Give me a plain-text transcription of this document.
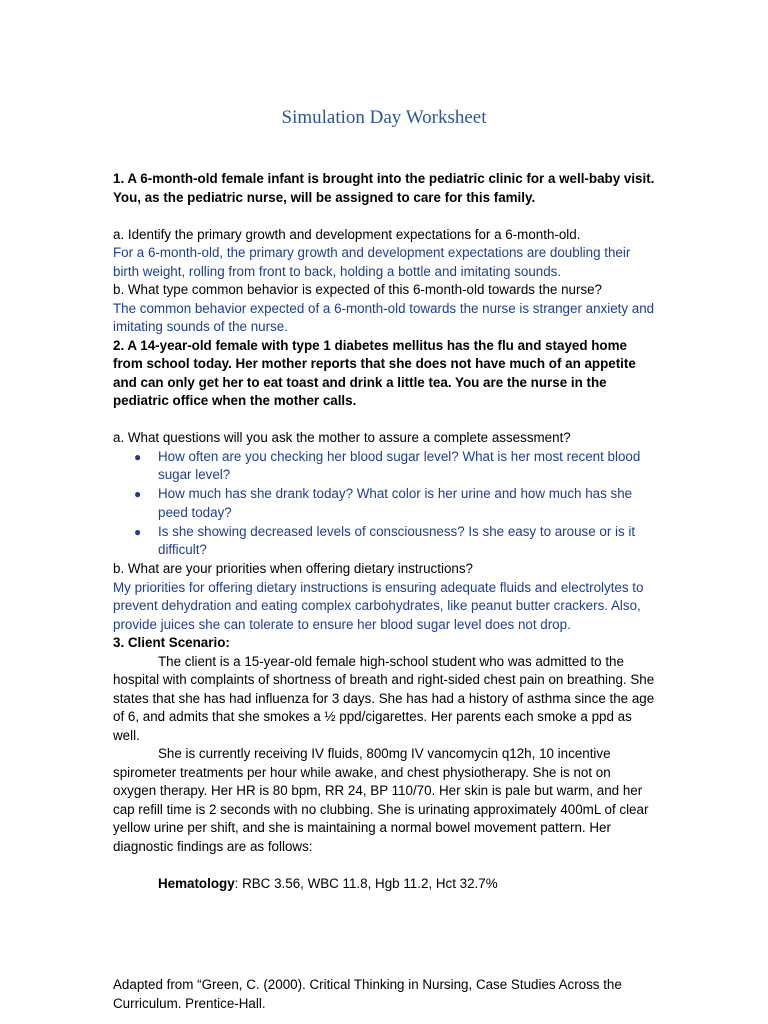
Simulation Day Worksheet

1. A 6-month-old female infant is brought into the pediatric clinic for a well-baby visit. You, as the pediatric nurse, will be assigned to care for this family.

a. Identify the primary growth and development expectations for a 6-month-old.

For a 6-month-old, the primary growth and development expectations are doubling their birth weight, rolling from front to back, holding a bottle and imitating sounds.

b. What type common behavior is expected of this 6-month-old towards the nurse?

The common behavior expected of a 6-month-old towards the nurse is stranger anxiety and imitating sounds of the nurse.

2. A 14-year-old female with type 1 diabetes mellitus has the flu and stayed home from school today. Her mother reports that she does not have much of an appetite and can only get her to eat toast and drink a little tea. You are the nurse in the pediatric office when the mother calls.

a. What questions will you ask the mother to assure a complete assessment?

● How often are you checking her blood sugar level? What is her most recent blood sugar level?
● How much has she drank today? What color is her urine and how much has she peed today?
● Is she showing decreased levels of consciousness? Is she easy to arouse or is it difficult?

b. What are your priorities when offering dietary instructions?

My priorities for offering dietary instructions is ensuring adequate fluids and electrolytes to prevent dehydration and eating complex carbohydrates, like peanut butter crackers. Also, provide juices she can tolerate to ensure her blood sugar level does not drop.

3. Client Scenario:

The client is a 15-year-old female high-school student who was admitted to the hospital with complaints of shortness of breath and right-sided chest pain on breathing. She states that she has had influenza for 3 days. She has had a history of asthma since the age of 6, and admits that she smokes a ½ ppd/cigarettes. Her parents each smoke a ppd as well.

She is currently receiving IV fluids, 800mg IV vancomycin q12h, 10 incentive spirometer treatments per hour while awake, and chest physiotherapy. She is not on oxygen therapy. Her HR is 80 bpm, RR 24, BP 110/70. Her skin is pale but warm, and her cap refill time is 2 seconds with no clubbing. She is urinating approximately 400mL of clear yellow urine per shift, and she is maintaining a normal bowel movement pattern. Her diagnostic findings are as follows:

Hematology: RBC 3.56, WBC 11.8, Hgb 11.2, Hct 32.7%

Adapted from “Green, C. (2000). Critical Thinking in Nursing, Case Studies Across the Curriculum. Prentice-Hall.
